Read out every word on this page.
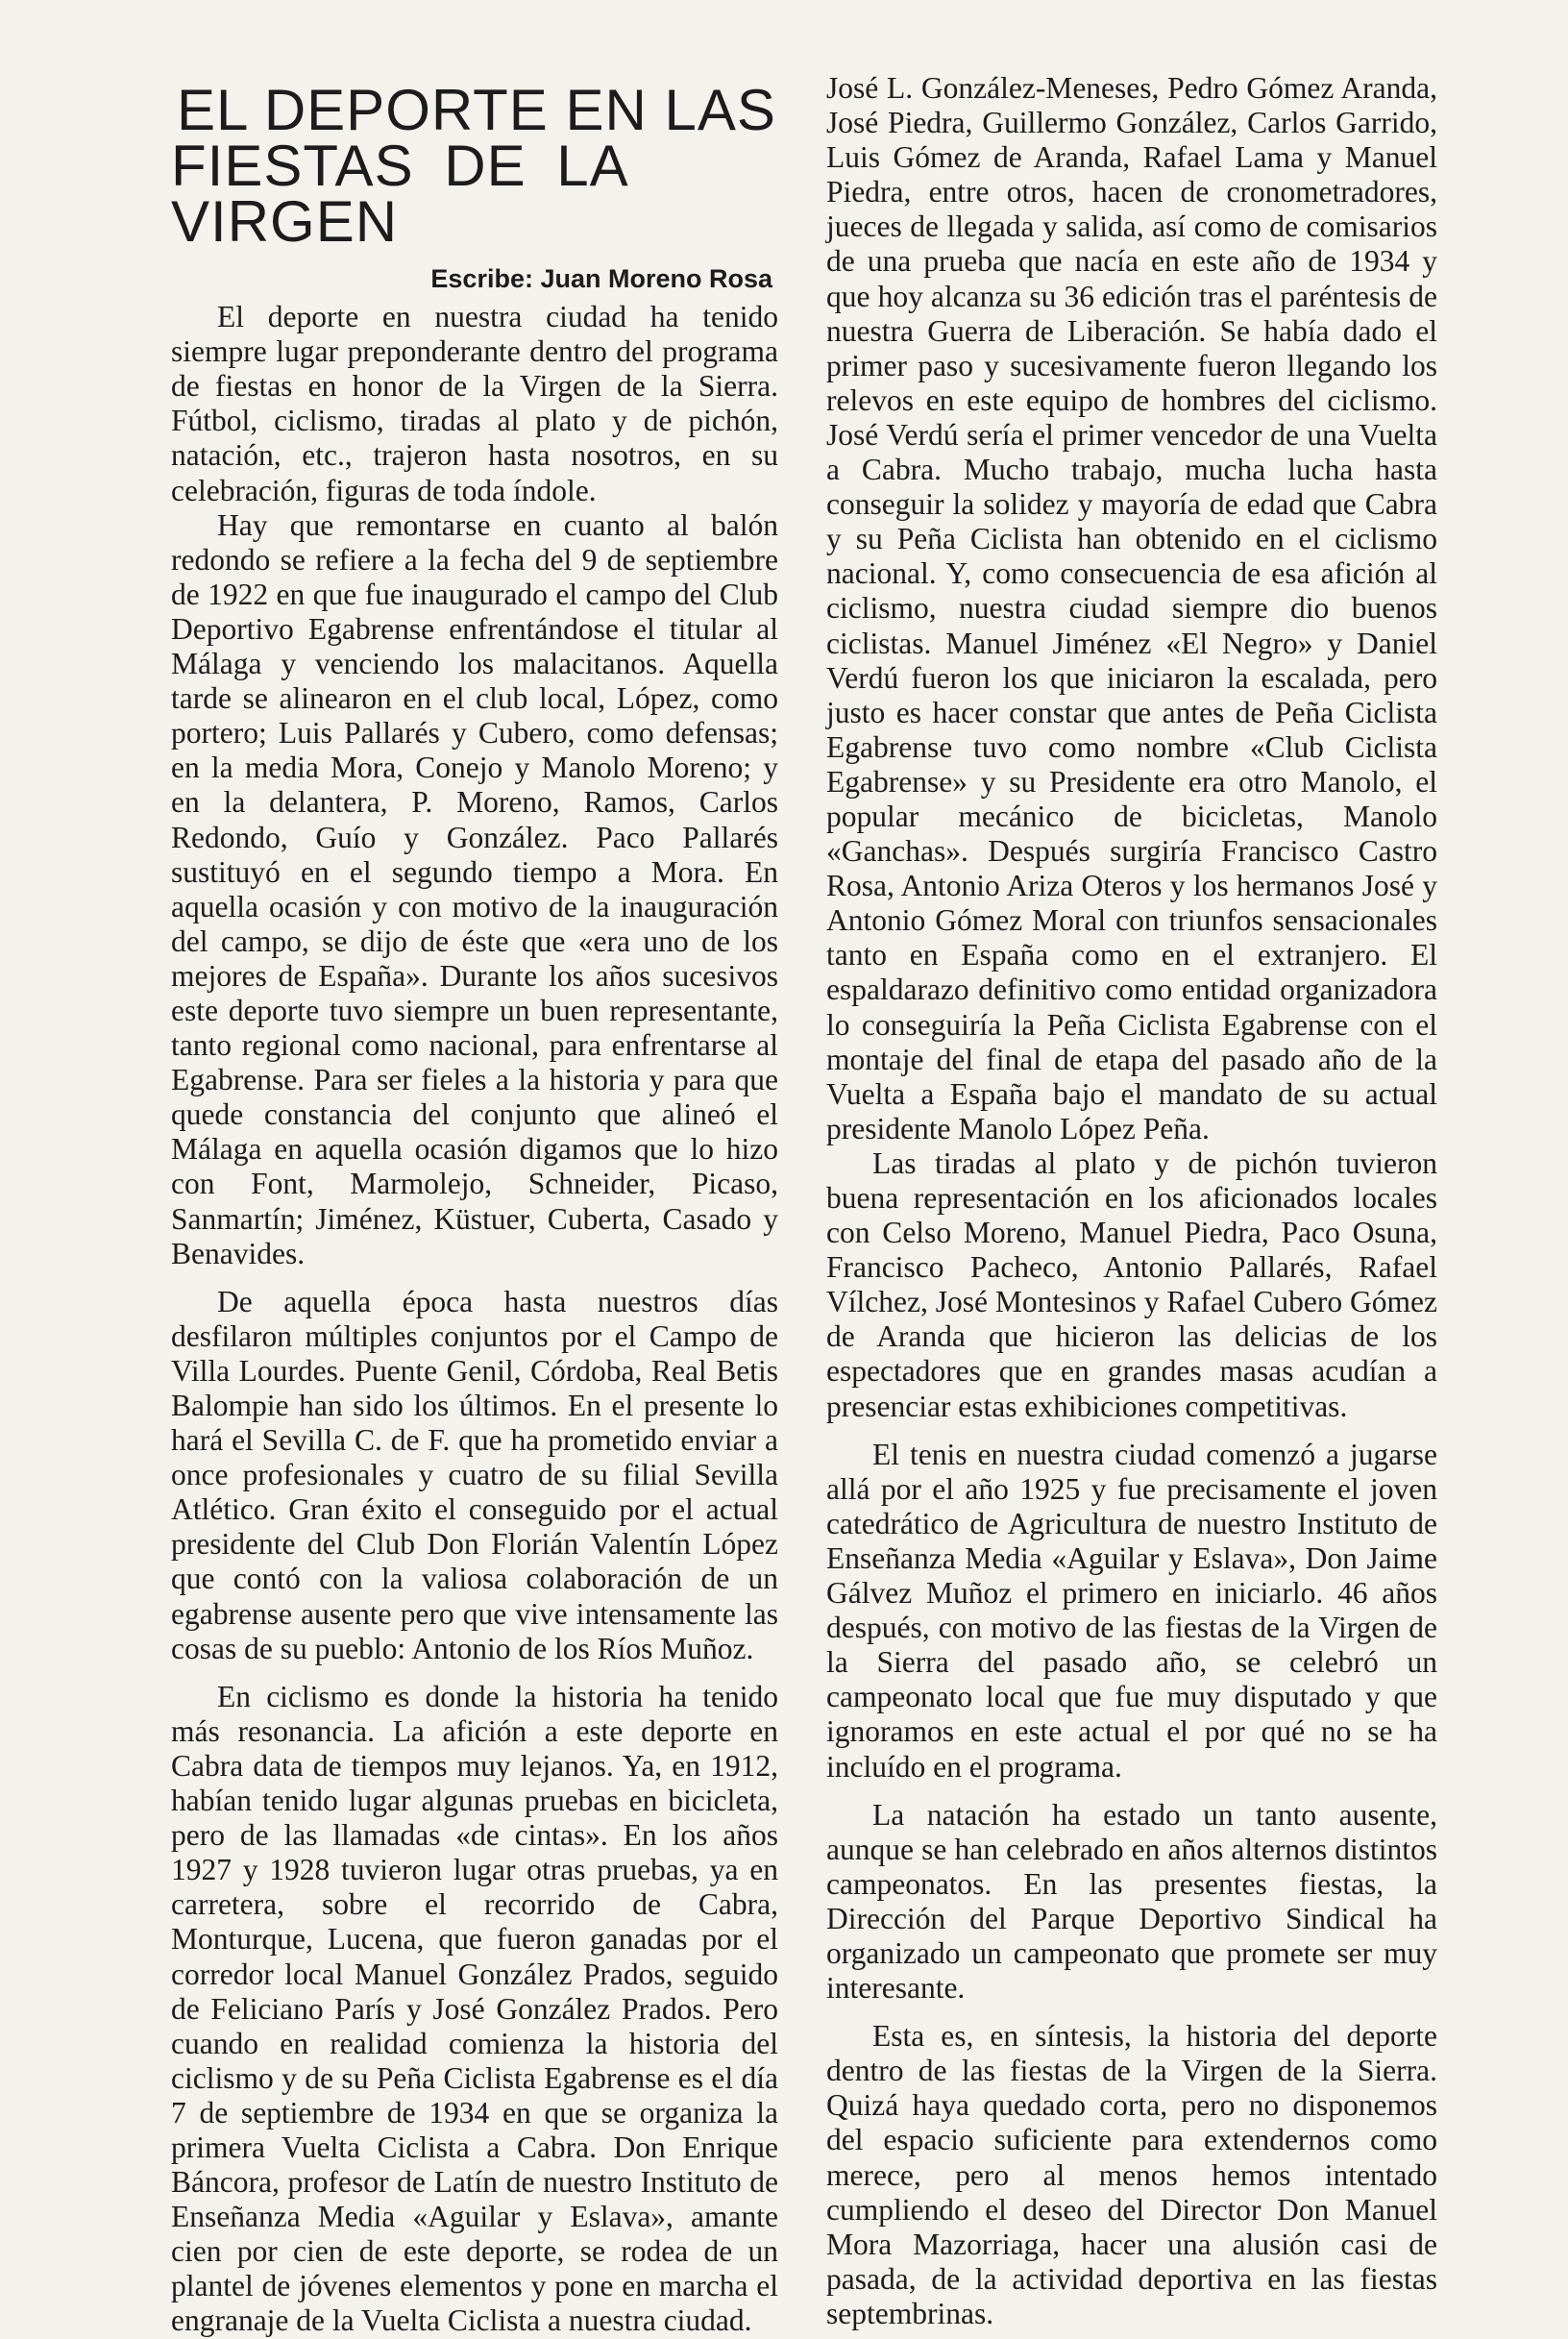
EL DEPORTE EN LAS
FIESTAS DE LA VIRGEN
Escribe: Juan Moreno Rosa

El deporte en nuestra ciudad ha tenido siempre lugar preponderante dentro del programa de fiestas en honor de la Virgen de la Sierra. Fútbol, ciclismo, tiradas al plato y de pichón, natación, etc., trajeron hasta nosotros, en su celebración, figuras de toda índole.

Hay que remontarse en cuanto al balón redondo se refiere a la fecha del 9 de septiembre de 1922 en que fue inaugurado el campo del Club Deportivo Egabrense enfrentándose el titular al Málaga y venciendo los malacitanos. Aquella tarde se alinearon en el club local, López, como portero; Luis Pallarés y Cubero, como defensas; en la media Mora, Conejo y Manolo Moreno; y en la delantera, P. Moreno, Ramos, Carlos Redondo, Guío y González. Paco Pallarés sustituyó en el segundo tiempo a Mora. En aquella ocasión y con motivo de la inauguración del campo, se dijo de éste que «era uno de los mejores de España». Durante los años sucesivos este deporte tuvo siempre un buen representante, tanto regional como nacional, para enfrentarse al Egabrense. Para ser fieles a la historia y para que quede constancia del conjunto que alineó el Málaga en aquella ocasión digamos que lo hizo con Font, Marmolejo, Schneider, Picaso, Sanmartín; Jiménez, Küstuer, Cuberta, Casado y Benavides.

De aquella época hasta nuestros días desfilaron múltiples conjuntos por el Campo de Villa Lourdes. Puente Genil, Córdoba, Real Betis Balompie han sido los últimos. En el presente lo hará el Sevilla C. de F. que ha prometido enviar a once profesionales y cuatro de su filial Sevilla Atlético. Gran éxito el conseguido por el actual presidente del Club Don Florián Valentín López que contó con la valiosa colaboración de un egabrense ausente pero que vive intensamente las cosas de su pueblo: Antonio de los Ríos Muñoz.

En ciclismo es donde la historia ha tenido más resonancia. La afición a este deporte en Cabra data de tiempos muy lejanos. Ya, en 1912, habían tenido lugar algunas pruebas en bicicleta, pero de las llamadas «de cintas». En los años 1927 y 1928 tuvieron lugar otras pruebas, ya en carretera, sobre el recorrido de Cabra, Monturque, Lucena, que fueron ganadas por el corredor local Manuel González Prados, seguido de Feliciano París y José González Prados. Pero cuando en realidad comienza la historia del ciclismo y de su Peña Ciclista Egabrense es el día 7 de septiembre de 1934 en que se organiza la primera Vuelta Ciclista a Cabra. Don Enrique Báncora, profesor de Latín de nuestro Instituto de Enseñanza Media «Aguilar y Eslava», amante cien por cien de este deporte, se rodea de un plantel de jóvenes elementos y pone en marcha el engranaje de la Vuelta Ciclista a nuestra ciudad.

José L. González-Meneses, Pedro Gómez Aranda, José Piedra, Guillermo González, Carlos Garrido, Luis Gómez de Aranda, Rafael Lama y Manuel Piedra, entre otros, hacen de cronometradores, jueces de llegada y salida, así como de comisarios de una prueba que nacía en este año de 1934 y que hoy alcanza su 36 edición tras el paréntesis de nuestra Guerra de Liberación. Se había dado el primer paso y sucesivamente fueron llegando los relevos en este equipo de hombres del ciclismo. José Verdú sería el primer vencedor de una Vuelta a Cabra. Mucho trabajo, mucha lucha hasta conseguir la solidez y mayoría de edad que Cabra y su Peña Ciclista han obtenido en el ciclismo nacional. Y, como consecuencia de esa afición al ciclismo, nuestra ciudad siempre dio buenos ciclistas. Manuel Jiménez «El Negro» y Daniel Verdú fueron los que iniciaron la escalada, pero justo es hacer constar que antes de Peña Ciclista Egabrense tuvo como nombre «Club Ciclista Egabrense» y su Presidente era otro Manolo, el popular mecánico de bicicletas, Manolo «Ganchas». Después surgiría Francisco Castro Rosa, Antonio Ariza Oteros y los hermanos José y Antonio Gómez Moral con triunfos sensacionales tanto en España como en el extranjero. El espaldarazo definitivo como entidad organizadora lo conseguiría la Peña Ciclista Egabrense con el montaje del final de etapa del pasado año de la Vuelta a España bajo el mandato de su actual presidente Manolo López Peña.

Las tiradas al plato y de pichón tuvieron buena representación en los aficionados locales con Celso Moreno, Manuel Piedra, Paco Osuna, Francisco Pacheco, Antonio Pallarés, Rafael Vílchez, José Montesinos y Rafael Cubero Gómez de Aranda que hicieron las delicias de los espectadores que en grandes masas acudían a presenciar estas exhibiciones competitivas.

El tenis en nuestra ciudad comenzó a jugarse allá por el año 1925 y fue precisamente el joven catedrático de Agricultura de nuestro Instituto de Enseñanza Media «Aguilar y Eslava», Don Jaime Gálvez Muñoz el primero en iniciarlo. 46 años después, con motivo de las fiestas de la Virgen de la Sierra del pasado año, se celebró un campeonato local que fue muy disputado y que ignoramos en este actual el por qué no se ha incluído en el programa.

La natación ha estado un tanto ausente, aunque se han celebrado en años alternos distintos campeonatos. En las presentes fiestas, la Dirección del Parque Deportivo Sindical ha organizado un campeonato que promete ser muy interesante.

Esta es, en síntesis, la historia del deporte dentro de las fiestas de la Virgen de la Sierra. Quizá haya quedado corta, pero no disponemos del espacio suficiente para extendernos como merece, pero al menos hemos intentado cumpliendo el deseo del Director Don Manuel Mora Mazorriaga, hacer una alusión casi de pasada, de la actividad deportiva en las fiestas septembrinas.
